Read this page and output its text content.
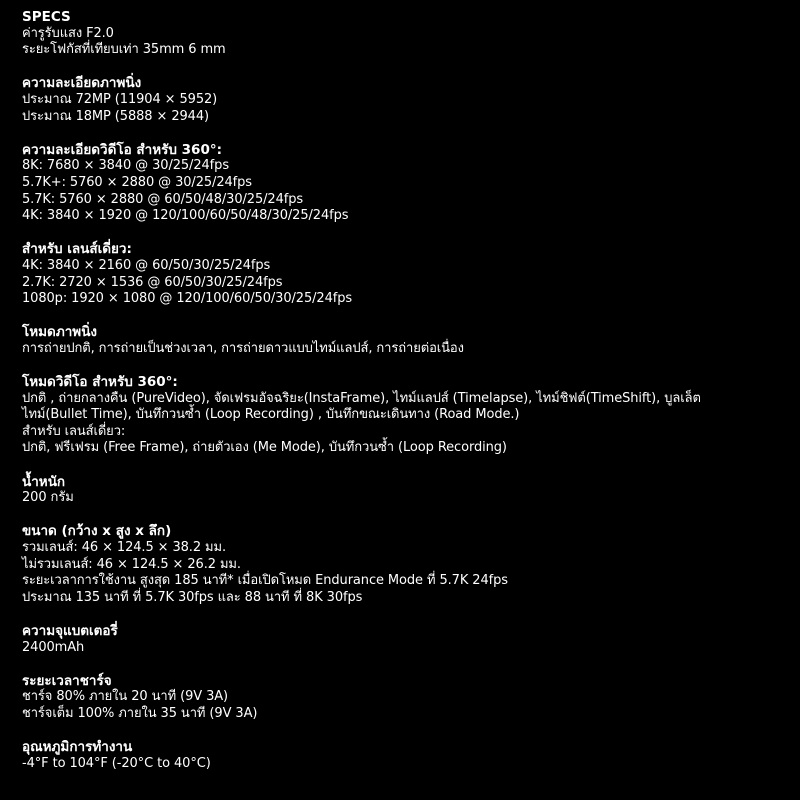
SPECS

ค่ารูรับแสง F2.0

ระยะโฟกัสที่เทียบเท่า 35mm 6 mm

ความละเอียดภาพนิ่ง

ประมาณ 72MP (11904 × 5952)

ประมาณ 18MP (5888 × 2944)

ความละเอียดวิดีโอ สำหรับ 360°:

8K: 7680 × 3840 @ 30/25/24fps

5.7K+: 5760 × 2880 @ 30/25/24fps

5.7K: 5760 × 2880 @ 60/50/48/30/25/24fps

4K: 3840 × 1920 @ 120/100/60/50/48/30/25/24fps

สำหรับ เลนส์เดี่ยว:

4K: 3840 × 2160 @ 60/50/30/25/24fps

2.7K: 2720 × 1536 @ 60/50/30/25/24fps

1080p: 1920 × 1080 @ 120/100/60/50/30/25/24fps

โหมดภาพนิ่ง

การถ่ายปกติ, การถ่ายเป็นช่วงเวลา, การถ่ายดาวแบบไทม์แลปส์, การถ่ายต่อเนื่อง

โหมดวิดีโอ สำหรับ 360°:

ปกติ , ถ่ายกลางคืน (PureVideo), จัดเฟรมอัจฉริยะ(InstaFrame), ไทม์แลปส์ (Timelapse), ไทม์ชิฟต์(TimeShift), บูลเล็ต

ไทม์(Bullet Time), บันทึกวนซ้ำ (Loop Recording) , บันทึกขณะเดินทาง (Road Mode.)

สำหรับ เลนส์เดี่ยว:

ปกติ, ฟรีเฟรม (Free Frame), ถ่ายตัวเอง (Me Mode), บันทึกวนซ้ำ (Loop Recording)

น้ำหนัก

200 กรัม

ขนาด (กว้าง x สูง x ลึก)

รวมเลนส์: 46 × 124.5 × 38.2 มม.

ไม่รวมเลนส์: 46 × 124.5 × 26.2 มม.

ระยะเวลาการใช้งาน สูงสุด 185 นาที* เมื่อเปิดโหมด Endurance Mode ที่ 5.7K 24fps

ประมาณ 135 นาที ที่ 5.7K 30fps และ 88 นาที ที่ 8K 30fps

ความจุแบตเตอรี่

2400mAh

ระยะเวลาชาร์จ

ชาร์จ 80% ภายใน 20 นาที (9V 3A)

ชาร์จเต็ม 100% ภายใน 35 นาที (9V 3A)

อุณหภูมิการทำงาน

-4°F to 104°F (-20°C to 40°C)
